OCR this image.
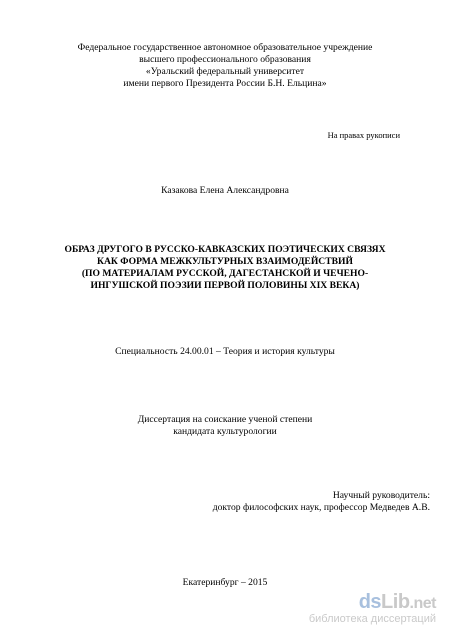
Федеральное государственное автономное образовательное учреждение
высшего профессионального образования
«Уральский федеральный университет
имени первого Президента России Б.Н. Ельцина»
На правах рукописи
Казакова Елена Александровна
ОБРАЗ ДРУГОГО В РУССКО-КАВКАЗСКИХ ПОЭТИЧЕСКИХ СВЯЗЯХ
КАК ФОРМА МЕЖКУЛЬТУРНЫХ ВЗАИМОДЕЙСТВИЙ
(ПО МАТЕРИАЛАМ РУССКОЙ, ДАГЕСТАНСКОЙ И ЧЕЧЕНО-
ИНГУШСКОЙ ПОЭЗИИ ПЕРВОЙ ПОЛОВИНЫ XIX ВЕКА)
Специальность 24.00.01 – Теория и история культуры
Диссертация на соискание ученой степени
кандидата культурологии
Научный руководитель:
доктор философских наук, профессор Медведев А.В.
Екатеринбург – 2015
dsLib.net
библиотека диссертаций
